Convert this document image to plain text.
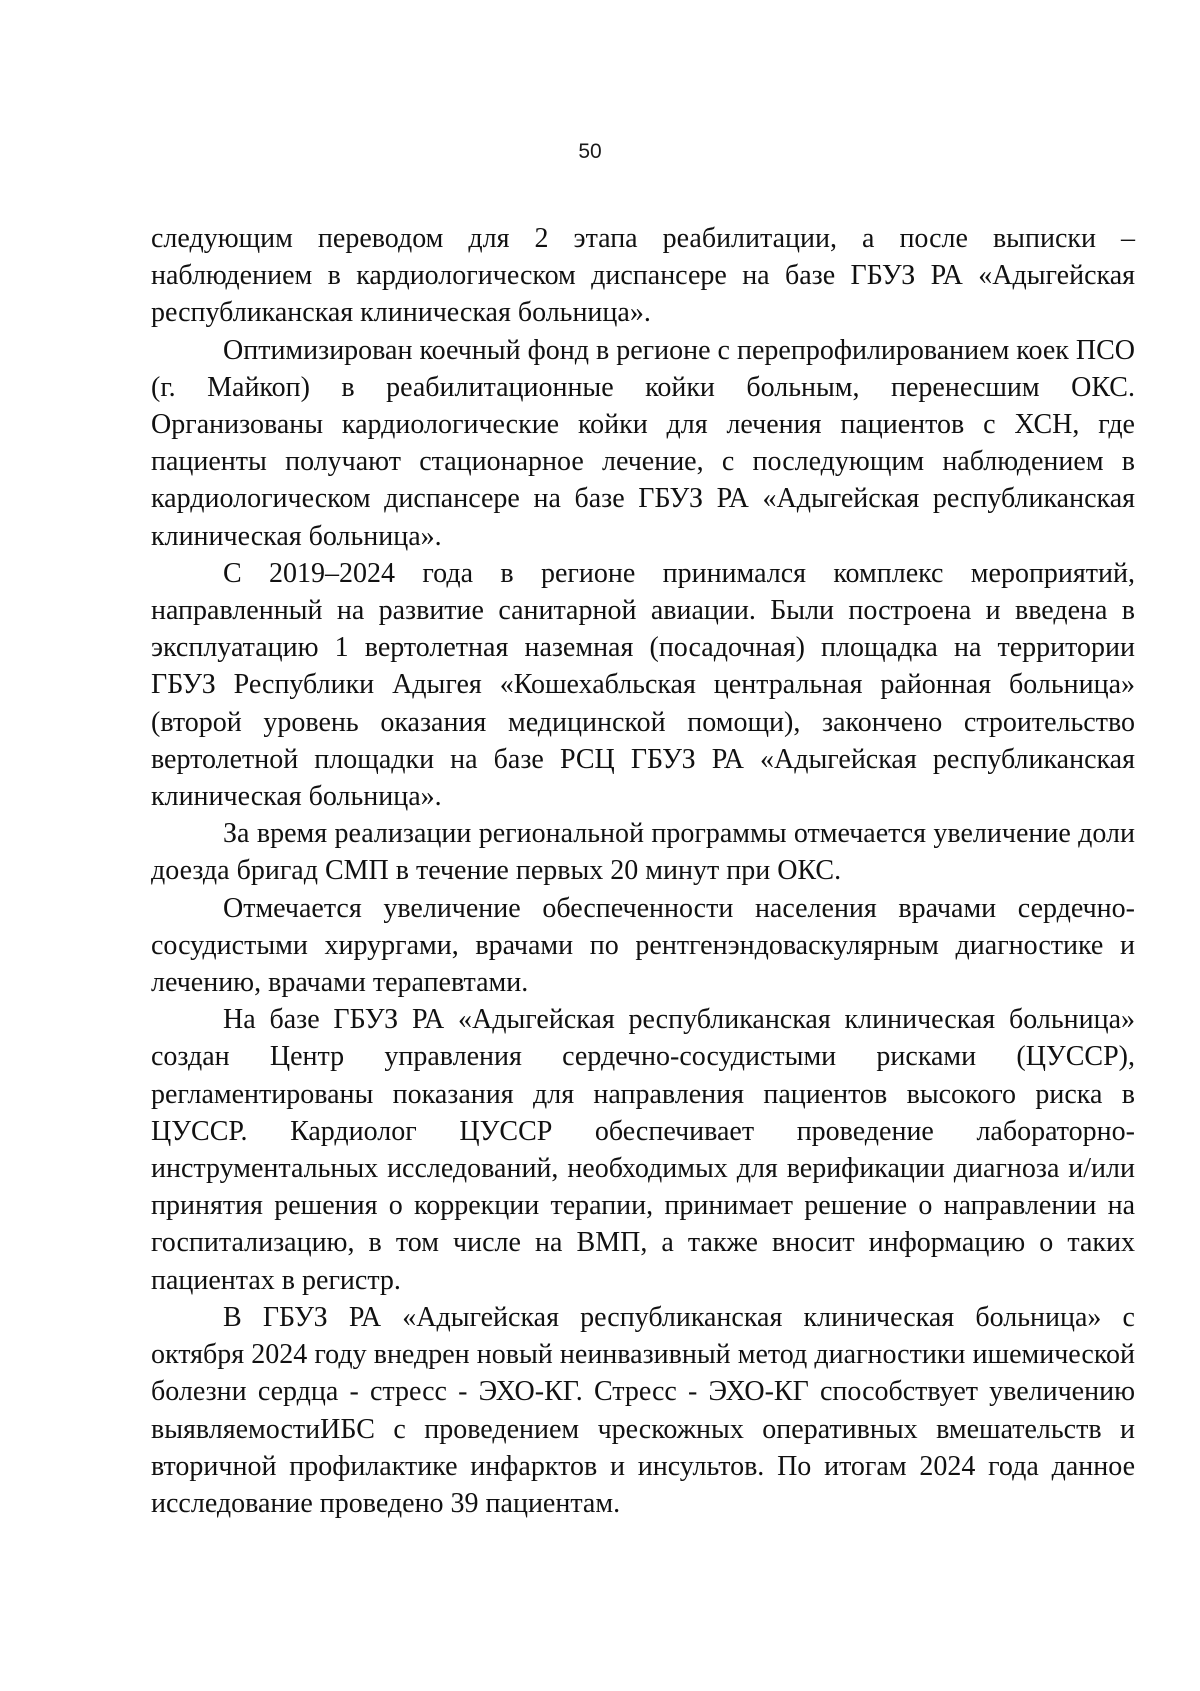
50

следующим переводом для 2 этапа реабилитации, а после выписки – наблюдением в кардиологическом диспансере на базе ГБУЗ РА «Адыгейская республиканская клиническая больница».

Оптимизирован коечный фонд в регионе с перепрофилированием коек ПСО (г. Майкоп) в реабилитационные койки больным, перенесшим ОКС. Организованы кардиологические койки для лечения пациентов с ХСН, где пациенты получают стационарное лечение, с последующим наблюдением в кардиологическом диспансере на базе ГБУЗ РА «Адыгейская республиканская клиническая больница».

С 2019–2024 года в регионе принимался комплекс мероприятий, направленный на развитие санитарной авиации. Были построена и введена в эксплуатацию 1 вертолетная наземная (посадочная) площадка на территории ГБУЗ Республики Адыгея «Кошехабльская центральная районная больница» (второй уровень оказания медицинской помощи), закончено строительство вертолетной площадки на базе РСЦ ГБУЗ РА «Адыгейская республиканская клиническая больница».

За время реализации региональной программы отмечается увеличение доли доезда бригад СМП в течение первых 20 минут при ОКС.

Отмечается увеличение обеспеченности населения врачами сердечно-сосудистыми хирургами, врачами по рентгенэндоваскулярным диагностике и лечению, врачами терапевтами.

На базе ГБУЗ РА «Адыгейская республиканская клиническая больница» создан Центр управления сердечно-сосудистыми рисками (ЦУССР), регламентированы показания для направления пациентов высокого риска в ЦУССР. Кардиолог ЦУССР обеспечивает проведение лабораторно-инструментальных исследований, необходимых для верификации диагноза и/или принятия решения о коррекции терапии, принимает решение о направлении на госпитализацию, в том числе на ВМП, а также вносит информацию о таких пациентах в регистр.

В ГБУЗ РА «Адыгейская республиканская клиническая больница» с октября 2024 году внедрен новый неинвазивный метод диагностики ишемической болезни сердца - стресс - ЭХО-КГ. Стресс - ЭХО-КГ способствует увеличению выявляемостиИБС с проведением чрескожных оперативных вмешательств и вторичной профилактике инфарктов и инсультов. По итогам 2024 года данное исследование проведено 39 пациентам.
